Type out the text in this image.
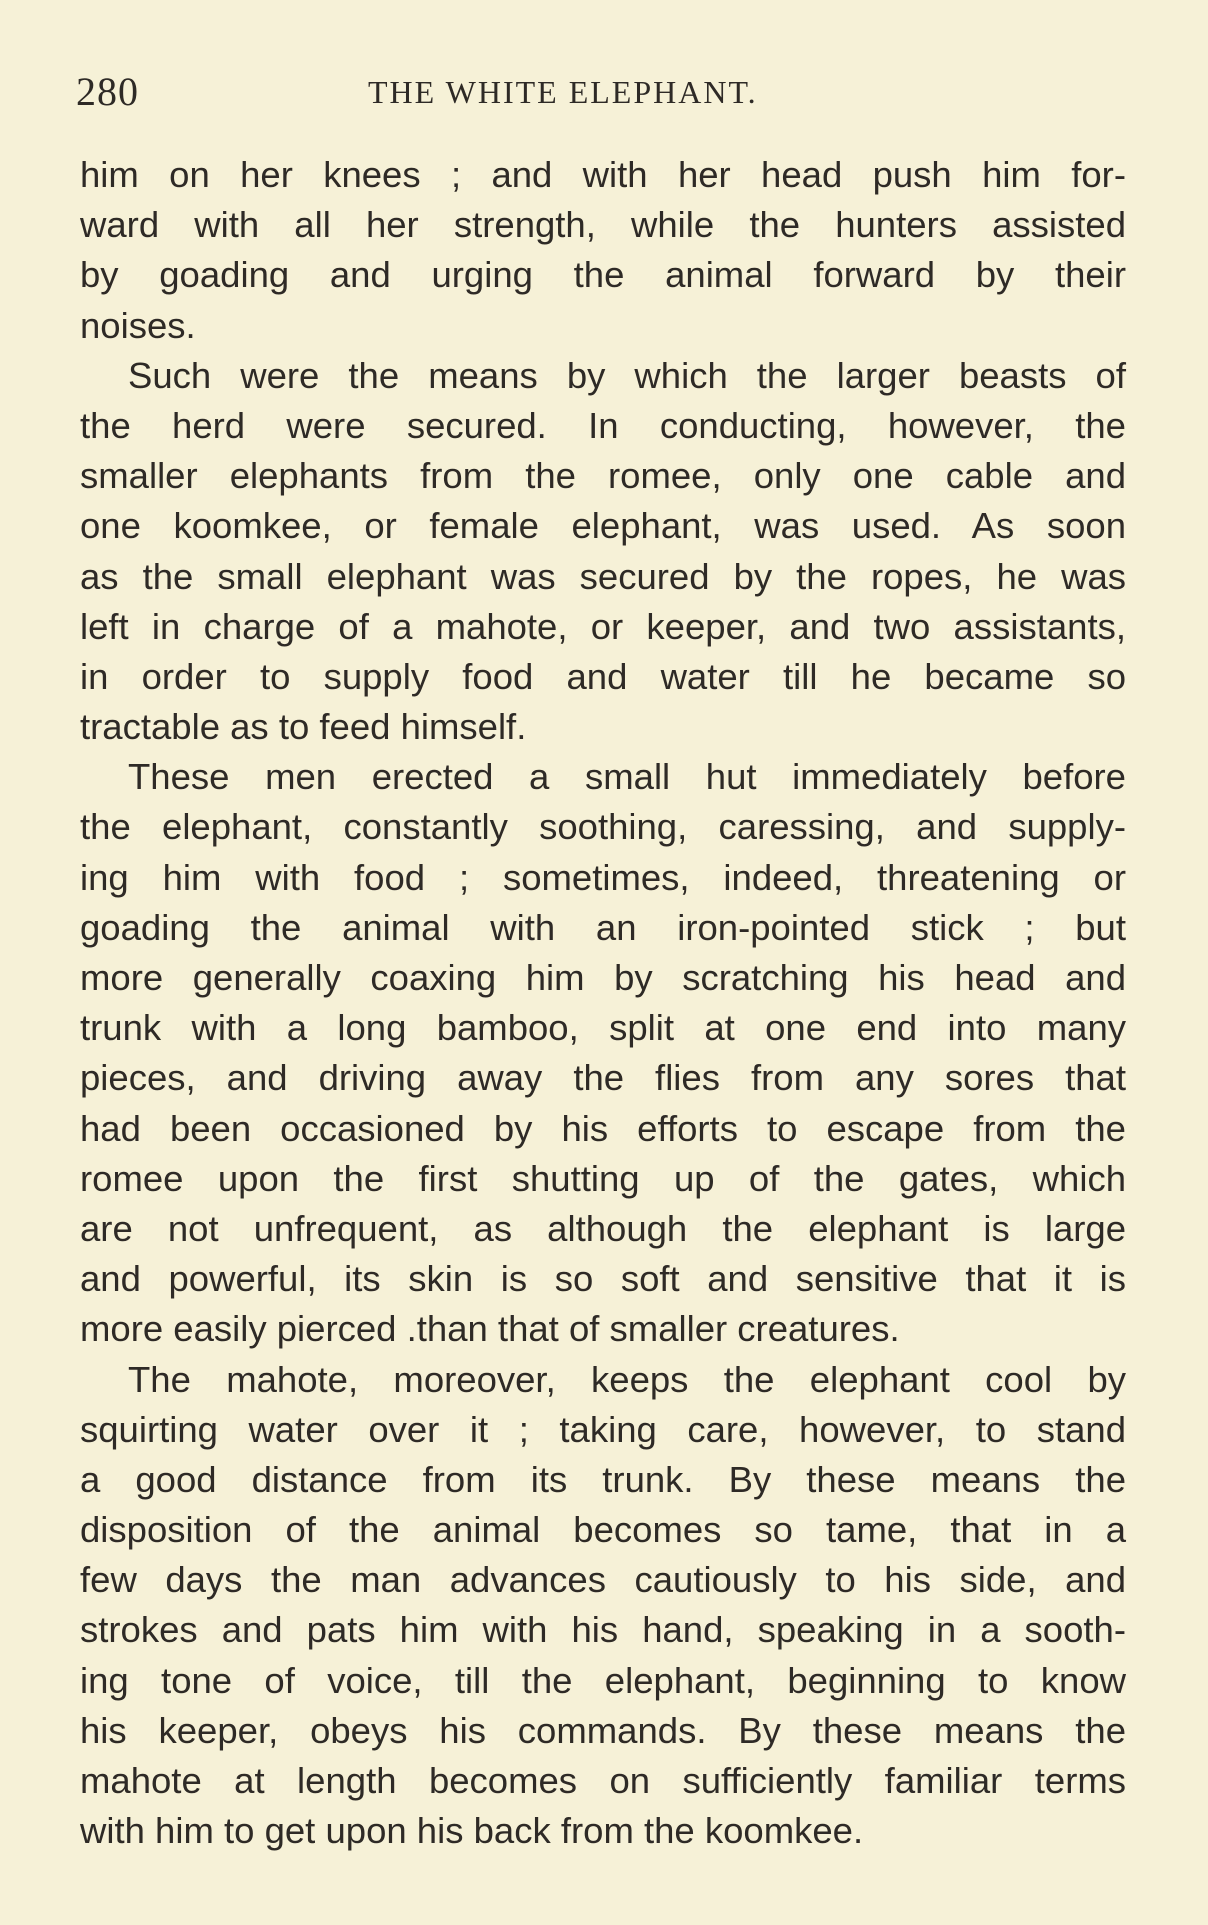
280	THE WHITE ELEPHANT.
him on her knees ; and with her head push him for-
ward with all her strength, while the hunters assisted
by goading and urging the animal forward by their
noises.
Such were the means by which the larger beasts of
the herd were secured. In conducting, however, the
smaller elephants from the romee, only one cable and
one koomkee, or female elephant, was used. As soon
as the small elephant was secured by the ropes, he was
left in charge of a mahote, or keeper, and two assistants,
in order to supply food and water till he became so
tractable as to feed himself.
These men erected a small hut immediately before
the elephant, constantly soothing, caressing, and supply-
ing him with food ; sometimes, indeed, threatening or
goading the animal with an iron-pointed stick ; but
more generally coaxing him by scratching his head and
trunk with a long bamboo, split at one end into many
pieces, and driving away the flies from any sores that
had been occasioned by his efforts to escape from the
romee upon the first shutting up of the gates, which
are not unfrequent, as although the elephant is large
and powerful, its skin is so soft and sensitive that it is
more easily pierced .than that of smaller creatures.
The mahote, moreover, keeps the elephant cool by
squirting water over it ; taking care, however, to stand
a good distance from its trunk. By these means the
disposition of the animal becomes so tame, that in a
few days the man advances cautiously to his side, and
strokes and pats him with his hand, speaking in a sooth-
ing tone of voice, till the elephant, beginning to know
his keeper, obeys his commands. By these means the
mahote at length becomes on sufficiently familiar terms
with him to get upon his back from the koomkee.
